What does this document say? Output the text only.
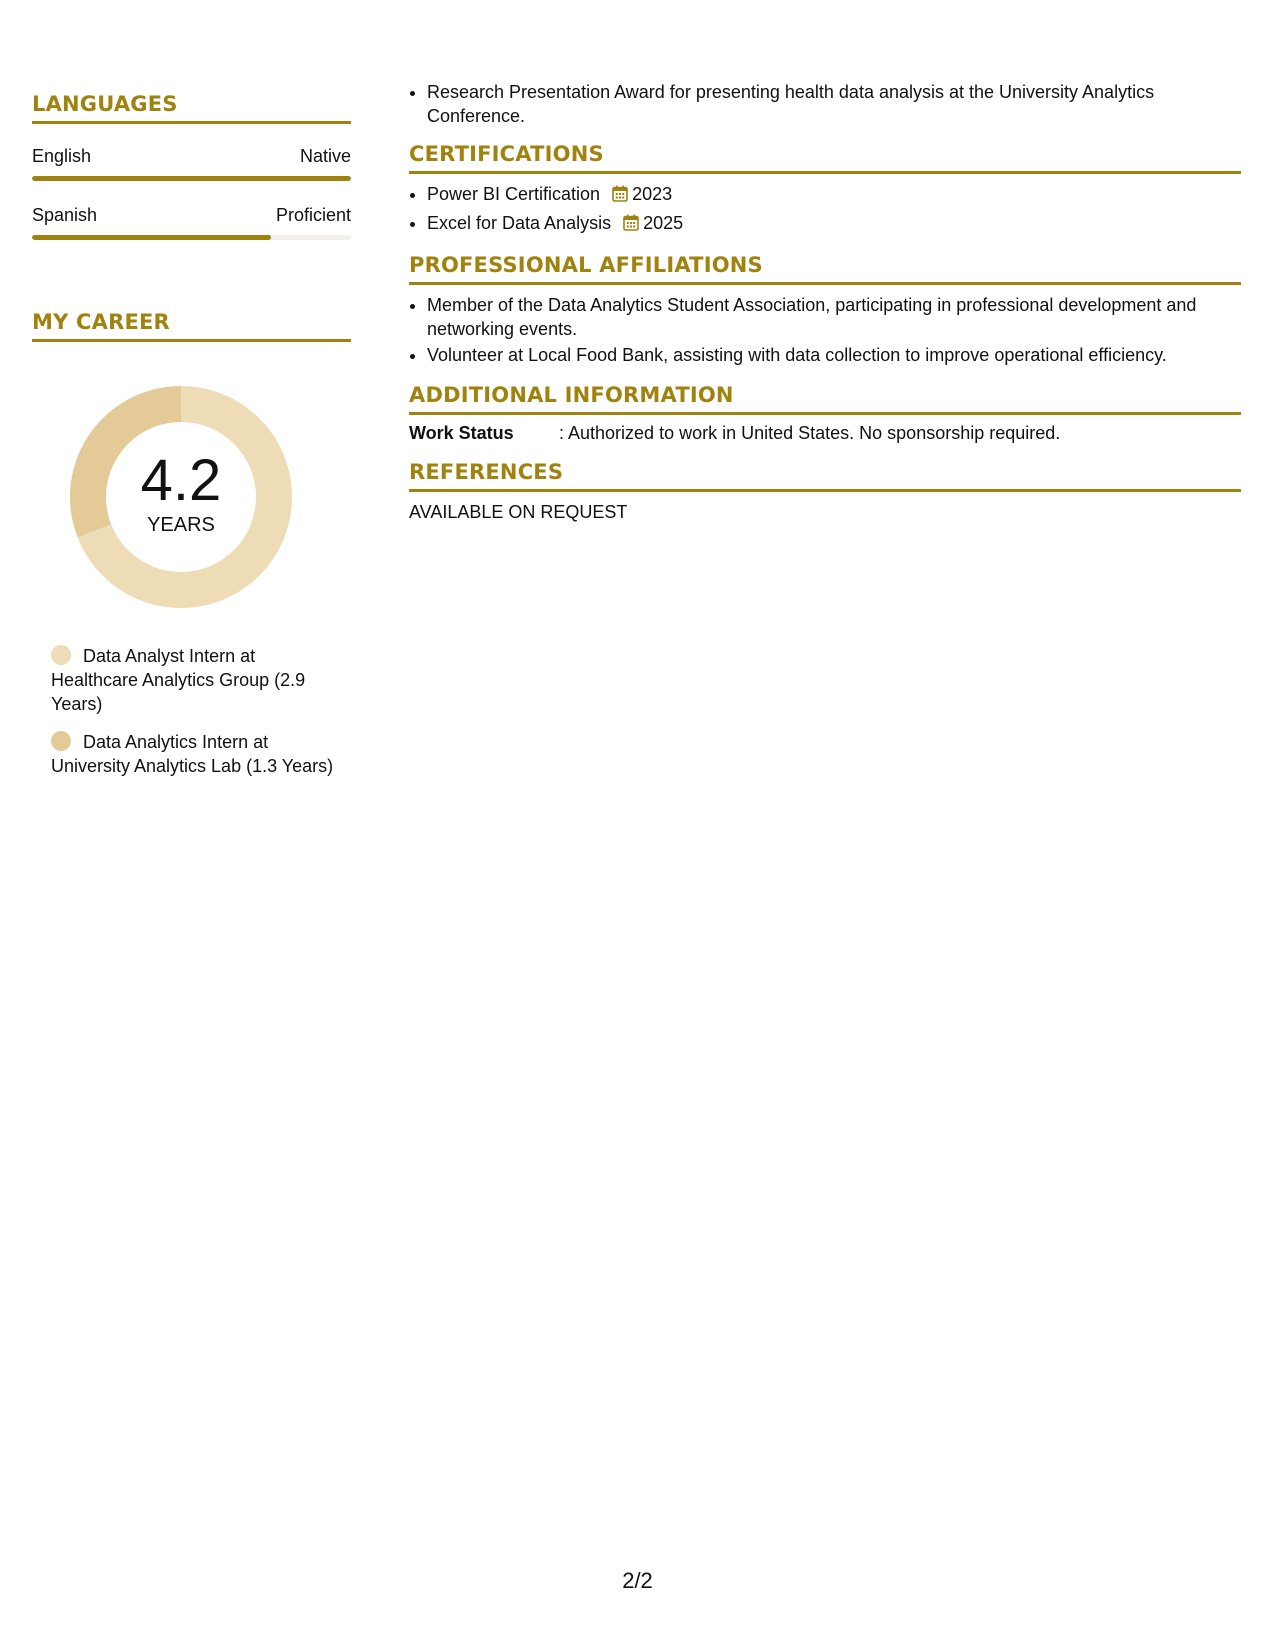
LANGUAGES
English	Native
Spanish	Proficient
MY CAREER
4.2
YEARS
Data Analyst Intern at Healthcare Analytics Group (2.9 Years)
Data Analytics Intern at University Analytics Lab (1.3 Years)
• Research Presentation Award for presenting health data analysis at the University Analytics Conference.
CERTIFICATIONS
• Power BI Certification 2023
• Excel for Data Analysis 2025
PROFESSIONAL AFFILIATIONS
• Member of the Data Analytics Student Association, participating in professional development and networking events.
• Volunteer at Local Food Bank, assisting with data collection to improve operational efficiency.
ADDITIONAL INFORMATION
Work Status	: Authorized to work in United States. No sponsorship required.
REFERENCES
AVAILABLE ON REQUEST
2/2
